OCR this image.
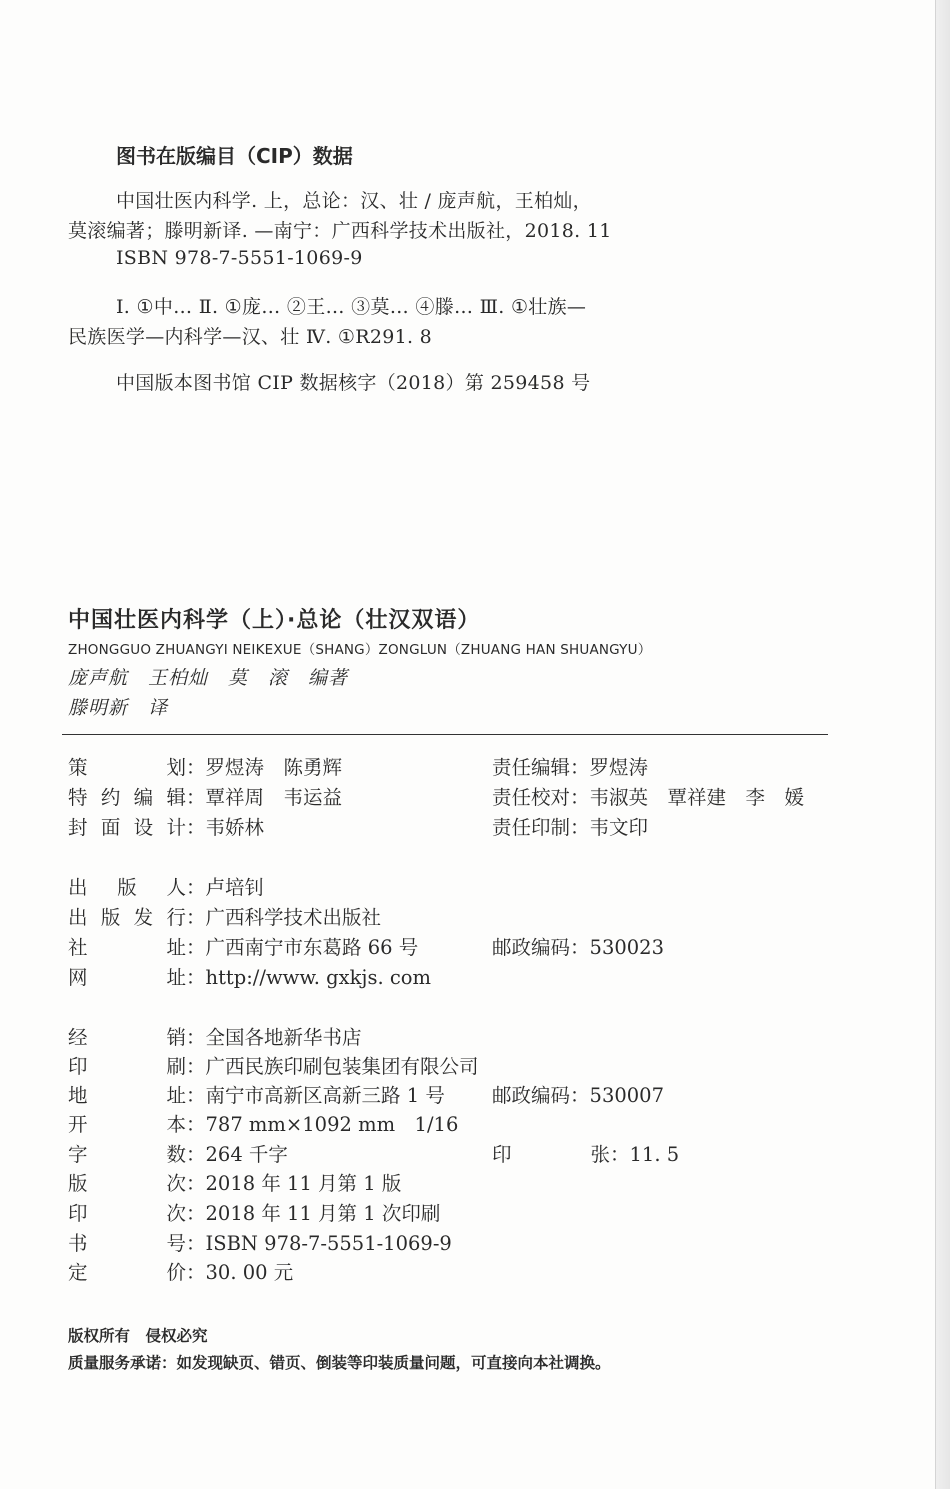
图书在版编目（CIP）数据
中国壮医内科学. 上，总论：汉、壮 / 庞声航，王柏灿，
莫滚编著；滕明新译. —南宁：广西科学技术出版社，2018. 11
ISBN 978-7-5551-1069-9
Ⅰ. ①中… Ⅱ. ①庞… ②王… ③莫… ④滕… Ⅲ. ①壮族—
民族医学—内科学—汉、壮 Ⅳ. ①R291. 8
中国版本图书馆 CIP 数据核字（2018）第 259458 号
中国壮医内科学（上）·总论（壮汉双语）
ZHONGGUO ZHUANGYI NEIKEXUE（SHANG）ZONGLUN（ZHUANG HAN SHUANGYU）
庞声航　王柏灿　莫　滚　编著
滕明新　译
策划：罗煜涛　陈勇辉	责任编辑：罗煜涛
特约编辑：覃祥周　韦运益	责任校对：韦淑英　覃祥建　李　媛
封面设计：韦娇林	责任印制：韦文印
出版人：卢培钊
出版发行：广西科学技术出版社
社址：广西南宁市东葛路 66 号	邮政编码：530023
网址：http://www. gxkjs. com
经销：全国各地新华书店
印刷：广西民族印刷包装集团有限公司
地址：南宁市高新区高新三路 1 号 邮政编码：530007
开本：787 mm×1092 mm　1/16
字数：264 千字	印张：11. 5
版次：2018 年 11 月第 1 版
印次：2018 年 11 月第 1 次印刷
书号：ISBN 978-7-5551-1069-9
定价：30. 00 元
版权所有　侵权必究
质量服务承诺：如发现缺页、错页、倒装等印装质量问题，可直接向本社调换。
